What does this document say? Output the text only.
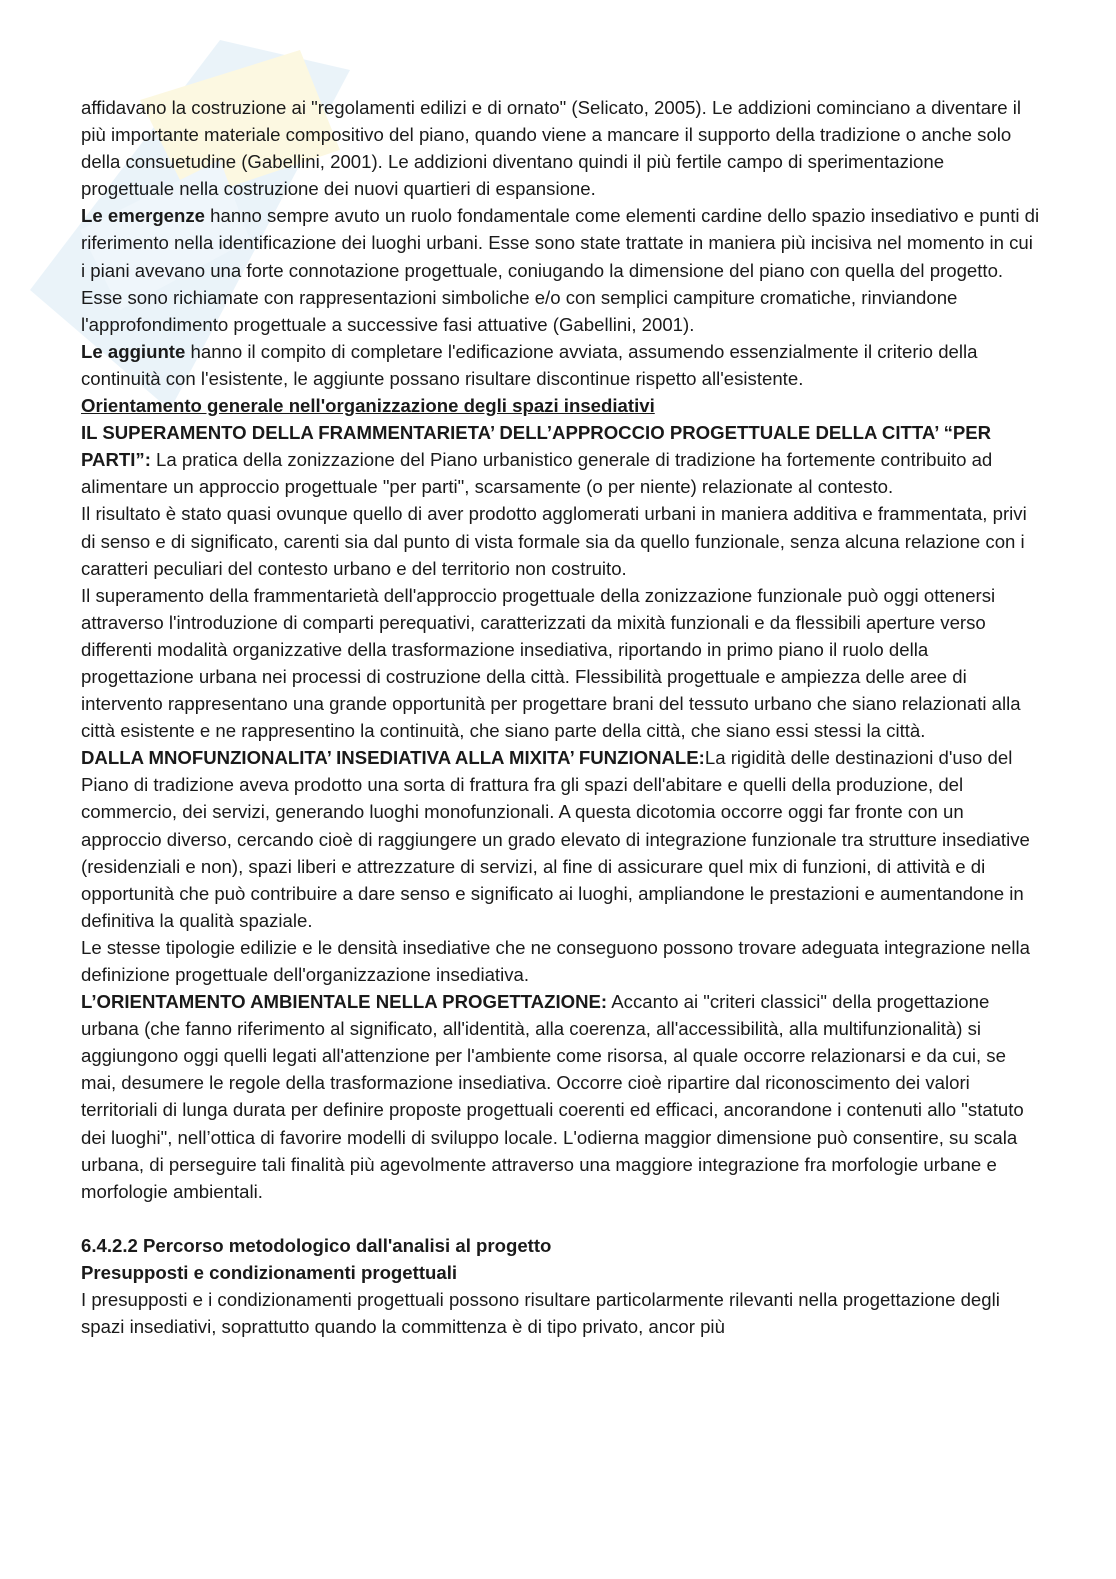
affidavano la costruzione ai "regolamenti edilizi e di ornato" (Selicato, 2005). Le addizioni cominciano a diventare il più importante materiale compositivo del piano, quando viene a mancare il supporto della tradizione o anche solo della consuetudine (Gabellini, 2001). Le addizioni diventano quindi il più fertile campo di sperimentazione progettuale nella costruzione dei nuovi quartieri di espansione.

Le emergenze hanno sempre avuto un ruolo fondamentale come elementi cardine dello spazio insediativo e punti di riferimento nella identificazione dei luoghi urbani. Esse sono state trattate in maniera più incisiva nel momento in cui i piani avevano una forte connotazione progettuale, coniugando la dimensione del piano con quella del progetto. Esse sono richiamate con rappresentazioni simboliche e/o con semplici campiture cromatiche, rinviandone l'approfondimento progettuale a successive fasi attuative (Gabellini, 2001).

Le aggiunte hanno il compito di completare l'edificazione avviata, assumendo essenzialmente il criterio della continuità con l'esistente, le aggiunte possano risultare discontinue rispetto all'esistente.

Orientamento generale nell'organizzazione degli spazi insediativi

IL SUPERAMENTO DELLA FRAMMENTARIETA’ DELL’APPROCCIO PROGETTUALE DELLA CITTA’ “PER PARTI”: La pratica della zonizzazione del Piano urbanistico generale di tradizione ha fortemente contribuito ad alimentare un approccio progettuale "per parti", scarsamente (o per niente) relazionate al contesto.

Il risultato è stato quasi ovunque quello di aver prodotto agglomerati urbani in maniera additiva e frammentata, privi di senso e di significato, carenti sia dal punto di vista formale sia da quello funzionale, senza alcuna relazione con i caratteri peculiari del contesto urbano e del territorio non costruito.

Il superamento della frammentarietà dell'approccio progettuale della zonizzazione funzionale può oggi ottenersi attraverso l'introduzione di comparti perequativi, caratterizzati da mixità funzionali e da flessibili aperture verso differenti modalità organizzative della trasformazione insediativa, riportando in primo piano il ruolo della progettazione urbana nei processi di costruzione della città. Flessibilità progettuale e ampiezza delle aree di intervento rappresentano una grande opportunità per progettare brani del tessuto urbano che siano relazionati alla città esistente e ne rappresentino la continuità, che siano parte della città, che siano essi stessi la città.

DALLA MNOFUNZIONALITA’ INSEDIATIVA ALLA MIXITA’ FUNZIONALE:La rigidità delle destinazioni d'uso del Piano di tradizione aveva prodotto una sorta di frattura fra gli spazi dell'abitare e quelli della produzione, del commercio, dei servizi, generando luoghi monofunzionali. A questa dicotomia occorre oggi far fronte con un approccio diverso, cercando cioè di raggiungere un grado elevato di integrazione funzionale tra strutture insediative (residenziali e non), spazi liberi e attrezzature di servizi, al fine di assicurare quel mix di funzioni, di attività e di opportunità che può contribuire a dare senso e significato ai luoghi, ampliandone le prestazioni e aumentandone in definitiva la qualità spaziale.

Le stesse tipologie edilizie e le densità insediative che ne conseguono possono trovare adeguata integrazione nella definizione progettuale dell'organizzazione insediativa.

L’ORIENTAMENTO AMBIENTALE NELLA PROGETTAZIONE: Accanto ai "criteri classici" della progettazione urbana (che fanno riferimento al significato, all'identità, alla coerenza, all'accessibilità, alla multifunzionalità) si aggiungono oggi quelli legati all'attenzione per l'ambiente come risorsa, al quale occorre relazionarsi e da cui, se mai, desumere le regole della trasformazione insediativa. Occorre cioè ripartire dal riconoscimento dei valori territoriali di lunga durata per definire proposte progettuali coerenti ed efficaci, ancorandone i contenuti allo "statuto dei luoghi", nell’ottica di favorire modelli di sviluppo locale. L'odierna maggior dimensione può consentire, su scala urbana, di perseguire tali finalità più agevolmente attraverso una maggiore integrazione fra morfologie urbane e morfologie ambientali.

6.4.2.2 Percorso metodologico dall'analisi al progetto

Presupposti e condizionamenti progettuali

I presupposti e i condizionamenti progettuali possono risultare particolarmente rilevanti nella progettazione degli spazi insediativi, soprattutto quando la committenza è di tipo privato, ancor più
